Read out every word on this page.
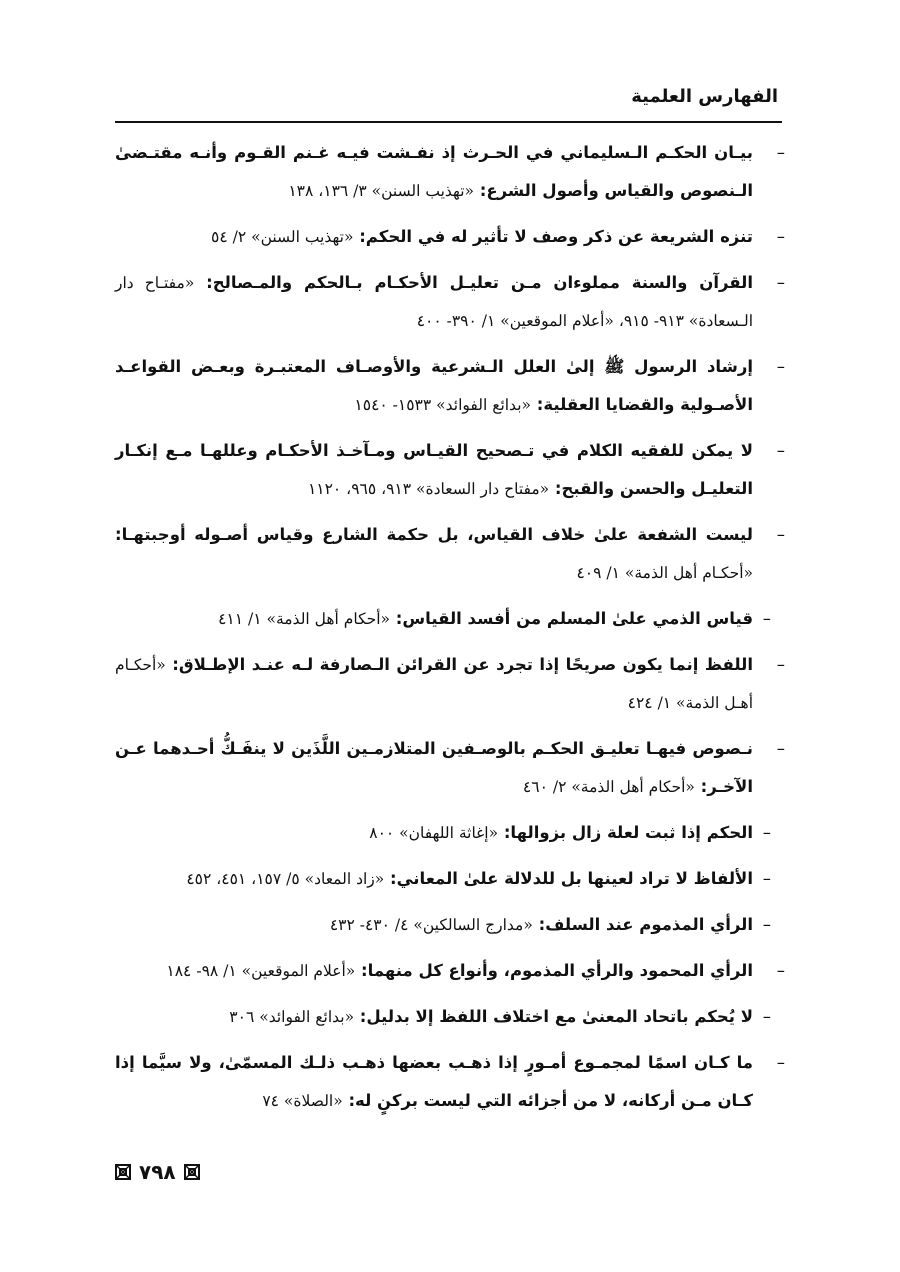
الفهارس العلمية
–
بيـان الحكـم الـسليماني في الحـرث إذ نفـشت فيـه غـنم القـوم وأنـه مقتـضىٰ الـنصوص والقياس وأصول الشرع: «تهذيب السنن» ٣/ ١٣٦، ١٣٨
–
تنزه الشريعة عن ذكر وصف لا تأثير له في الحكم: «تهذيب السنن» ٢/ ٥٤
–
القرآن والسنة مملوءان مـن تعليـل الأحكـام بـالحكم والمـصالح: «مفتـاح دار الـسعادة» ٩١٣- ٩١٥، «أعلام الموقعين» ١/ ٣٩٠- ٤٠٠
–
إرشاد الرسول ﷺ إلىٰ العلل الـشرعية والأوصـاف المعتبـرة وبعـض القواعـد الأصـولية والقضايا العقلية: «بدائع الفوائد» ١٥٣٣- ١٥٤٠
–
لا يمكن للفقيه الكلام في تـصحيح القيـاس ومـآخـذ الأحكـام وعللهـا مـع إنكـار التعليـل والحسن والقبح: «مفتاح دار السعادة» ٩١٣، ٩٦٥، ١١٢٠
–
ليست الشفعة علىٰ خلاف القياس، بل حكمة الشارع وقياس أصـوله أوجبتهـا: «أحكـام أهل الذمة» ١/ ٤٠٩
–
قياس الذمي علىٰ المسلم من أفسد القياس: «أحكام أهل الذمة» ١/ ٤١١
–
اللفظ إنما يكون صريحًا إذا تجرد عن القرائن الـصارفة لـه عنـد الإطـلاق: «أحكـام أهـل الذمة» ١/ ٤٢٤
–
نـصوص فيهـا تعليـق الحكـم بالوصـفين المتلازمـين اللَّذَين لا ينفَـكُّ أحـدهما عـن الآخـر: «أحكام أهل الذمة» ٢/ ٤٦٠
–
الحكم إذا ثبت لعلة زال بزوالها: «إغاثة اللهفان» ٨٠٠
–
الألفاظ لا تراد لعينها بل للدلالة علىٰ المعاني: «زاد المعاد» ٥/ ١٥٧، ٤٥١، ٤٥٢
–
الرأي المذموم عند السلف: «مدارج السالكين» ٤/ ٤٣٠- ٤٣٢
–
الرأي المحمود والرأي المذموم، وأنواع كل منهما: «أعلام الموقعين» ١/ ٩٨- ١٨٤
–
لا يُحكم باتحاد المعنىٰ مع اختلاف اللفظ إلا بدليل: «بدائع الفوائد» ٣٠٦
–
ما كـان اسمًا لمجمـوع أمـورٍ إذا ذهـب بعضها ذهـب ذلـك المسمّىٰ، ولا سيَّما إذا كـان مـن أركانه، لا من أجزائه التي ليست بركنٍ له: «الصلاة» ٧٤
٧٩٨
